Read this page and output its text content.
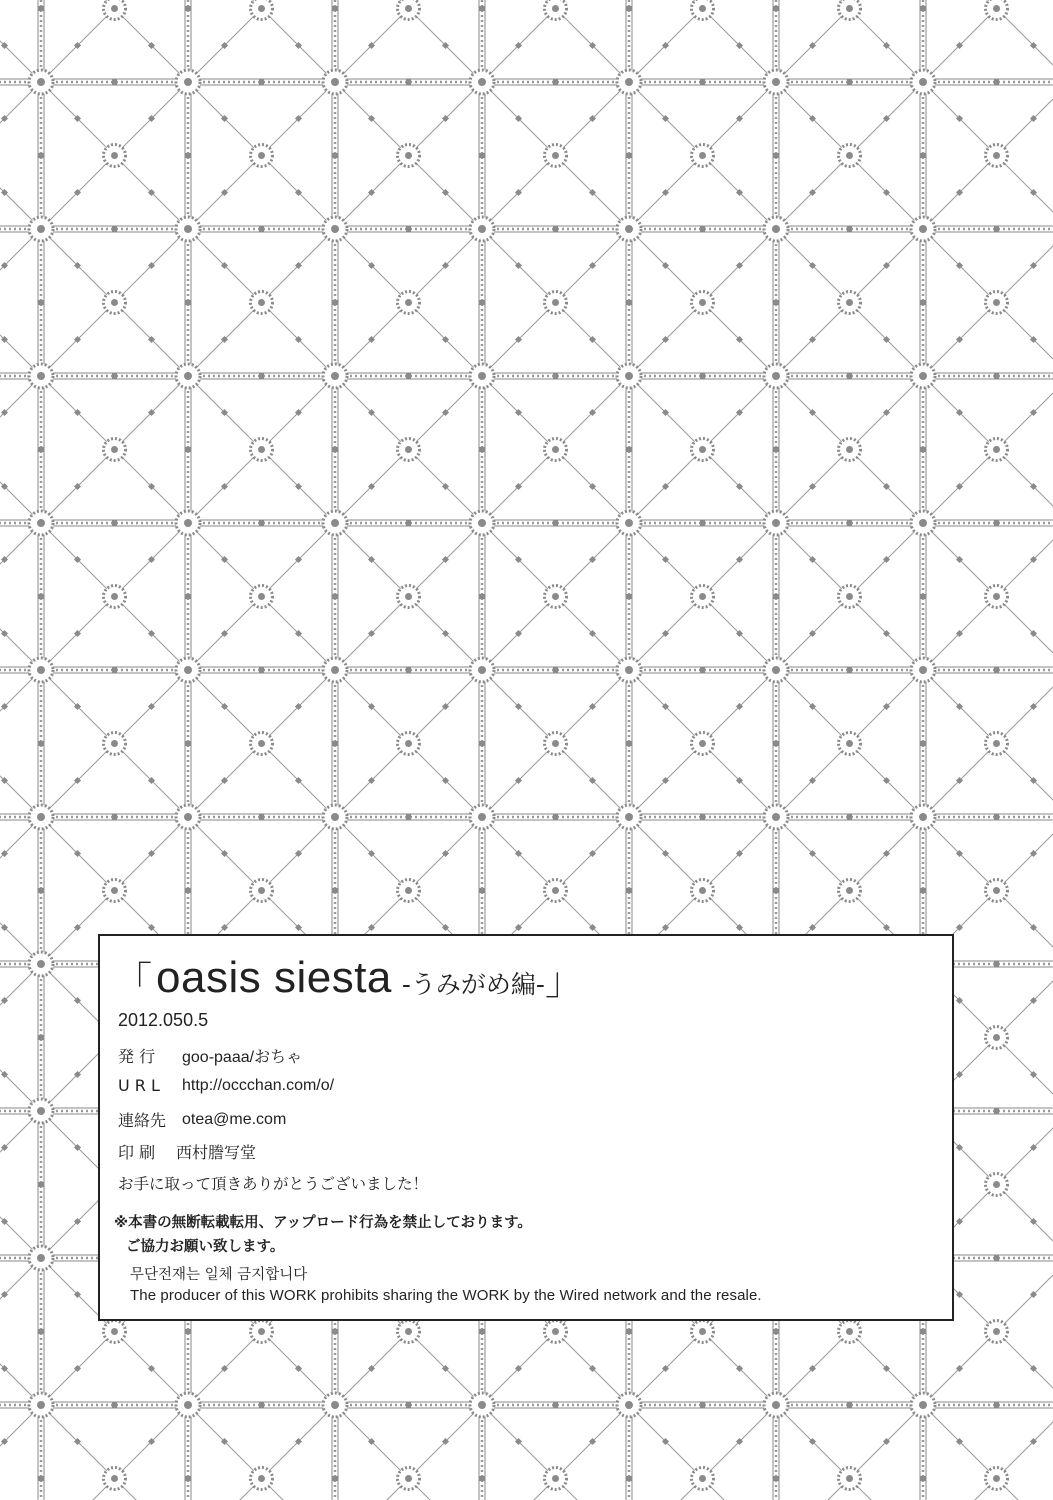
「 oasis siesta -うみがめ編- 」
2012.050.5
発 行	goo-paaa/おちゃ
U R L	http://occchan.com/o/
連絡先 otea@me.com
印 刷	西村謄写堂
お手に取って頂きありがとうございました！
※本書の無断転載転用、アップロード行為を禁止しております。
ご協力お願い致します。
무단전재는 일체 금지합니다
The producer of this WORK prohibits sharing the WORK by the Wired network and the resale.
